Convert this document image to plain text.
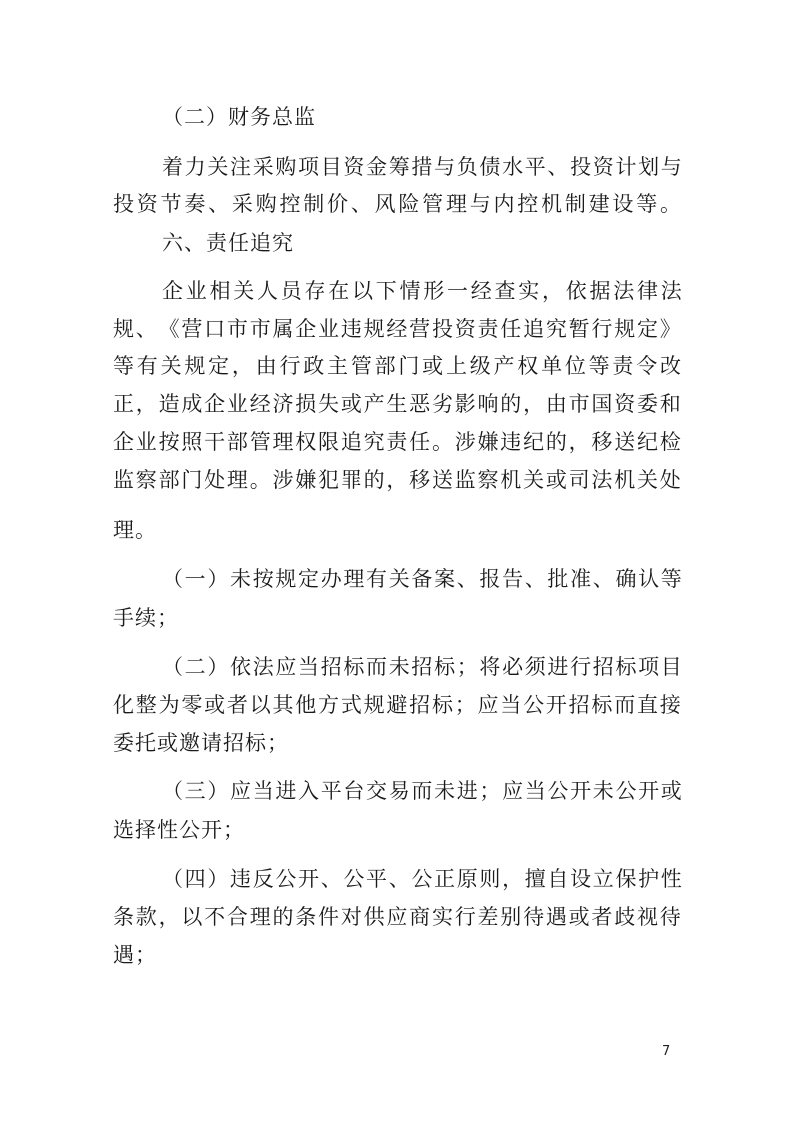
（二）财务总监
着 力 关 注 采 购 项 目 资 金 筹 措 与 负 债 水 平 、 投 资 计 划 与
投 资 节 奏 、 采 购 控 制 价 、 风 险 管 理 与 内 控 机 制 建 设 等 。
六、责任追究
企 业 相 关 人 员 存 在 以 下 情 形 一 经 查 实 ， 依 据 法 律 法
规 、 《 营 口 市 市 属 企 业 违 规 经 营 投 资 责 任 追 究 暂 行 规 定 》
等 有 关 规 定 ， 由 行 政 主 管 部 门 或 上 级 产 权 单 位 等 责 令 改
正 ， 造 成 企 业 经 济 损 失 或 产 生 恶 劣 影 响 的 ， 由 市 国 资 委 和
企 业 按 照 干 部 管 理 权 限 追 究 责 任 。 涉 嫌 违 纪 的 ， 移 送 纪 检
监 察 部 门 处 理 。 涉 嫌 犯 罪 的 ， 移 送 监 察 机 关 或 司 法 机 关 处
理。
（ 一 ） 未 按 规 定 办 理 有 关 备 案 、 报 告 、 批 准 、 确 认 等
手续；
（ 二 ） 依 法 应 当 招 标 而 未 招 标 ； 将 必 须 进 行 招 标 项 目
化 整 为 零 或 者 以 其 他 方 式 规 避 招 标 ； 应 当 公 开 招 标 而 直 接
委托或邀请招标；
（ 三 ） 应 当 进 入 平 台 交 易 而 未 进 ； 应 当 公 开 未 公 开 或
选择性公开；
（ 四 ） 违 反 公 开 、 公 平 、 公 正 原 则 ， 擅 自 设 立 保 护 性
条 款 ， 以 不 合 理 的 条 件 对 供 应 商 实 行 差 别 待 遇 或 者 歧 视 待
遇；
7
